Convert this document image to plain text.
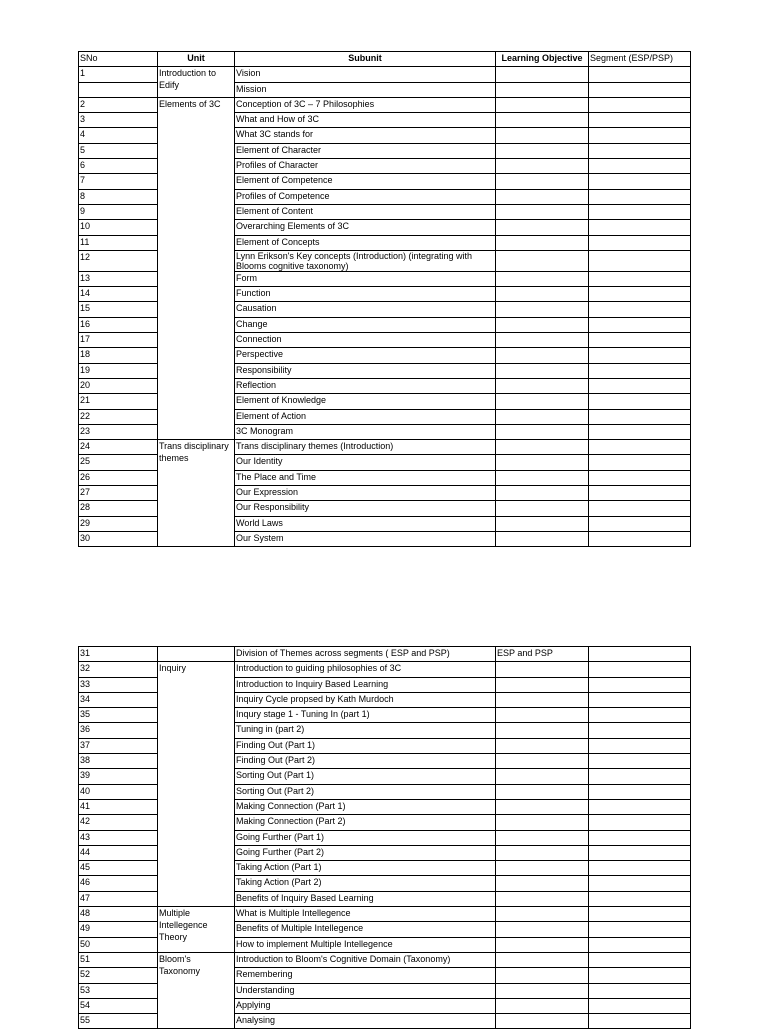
SNo	Unit	Subunit	Learning Objective	Segment (ESP/PSP)
1	Introduction to Edify	Vision		
		Mission		
2	Elements of 3C	Conception of 3C – 7 Philosophies		
3		What and How of 3C		
4		What 3C stands for		
5		Element of Character		
6		Profiles of Character		
7		Element of Competence		
8		Profiles of Competence		
9		Element of Content		
10		Overarching Elements of 3C		
11		Element of Concepts		
12		Lynn Erikson's Key concepts (Introduction) (integrating with Blooms cognitive taxonomy)		
13		Form		
14		Function		
15		Causation		
16		Change		
17		Connection		
18		Perspective		
19		Responsibility		
20		Reflection		
21		Element of Knowledge		
22		Element of Action		
23		3C Monogram		
24	Trans disciplinary themes	Trans disciplinary themes (Introduction)		
25		Our Identity		
26		The Place and Time		
27		Our Expression		
28		Our Responsibility		
29		World Laws		
30		Our System		
31		Division of Themes across segments ( ESP and PSP)	ESP and PSP	
32	Inquiry	Introduction to guiding philosophies of 3C		
33		Introduction to Inquiry Based Learning		
34		Inquiry Cycle propsed by Kath Murdoch		
35		Inqury stage 1 - Tuning In (part 1)		
36		Tuning in (part 2)		
37		Finding Out (Part 1)		
38		Finding Out (Part 2)		
39		Sorting Out (Part 1)		
40		Sorting Out (Part 2)		
41		Making Connection (Part 1)		
42		Making Connection (Part 2)		
43		Going Further (Part 1)		
44		Going Further (Part 2)		
45		Taking Action (Part 1)		
46		Taking Action (Part 2)		
47		Benefits of Inquiry Based Learning		
48	Multiple Intellegence Theory	What is Multiple Intellegence		
49		Benefits of Multiple Intellegence		
50		How to implement Multiple Intellegence		
51	Bloom's Taxonomy	Introduction to Bloom's Cognitive Domain (Taxonomy)		
52		Remembering		
53		Understanding		
54		Applying		
55		Analysing		
